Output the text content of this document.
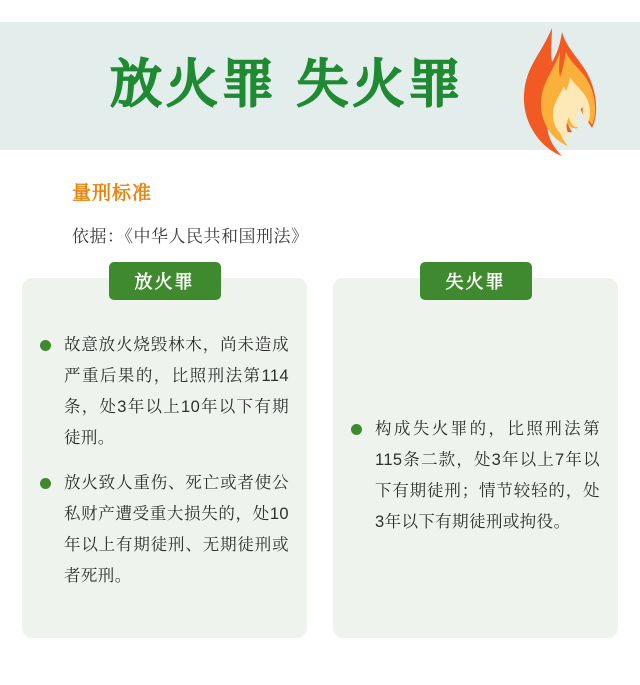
放火罪 失火罪
量刑标准
依据：《中华人民共和国刑法》
放火罪
故意放火烧毁林木，尚未造成严重后果的，比照刑法第114条，处3年以上10年以下有期徒刑。
放火致人重伤、死亡或者使公私财产遭受重大损失的，处10年以上有期徒刑、无期徒刑或者死刑。
失火罪
构成失火罪的，比照刑法第115条二款，处3年以上7年以下有期徒刑；情节较轻的，处3年以下有期徒刑或拘役。
